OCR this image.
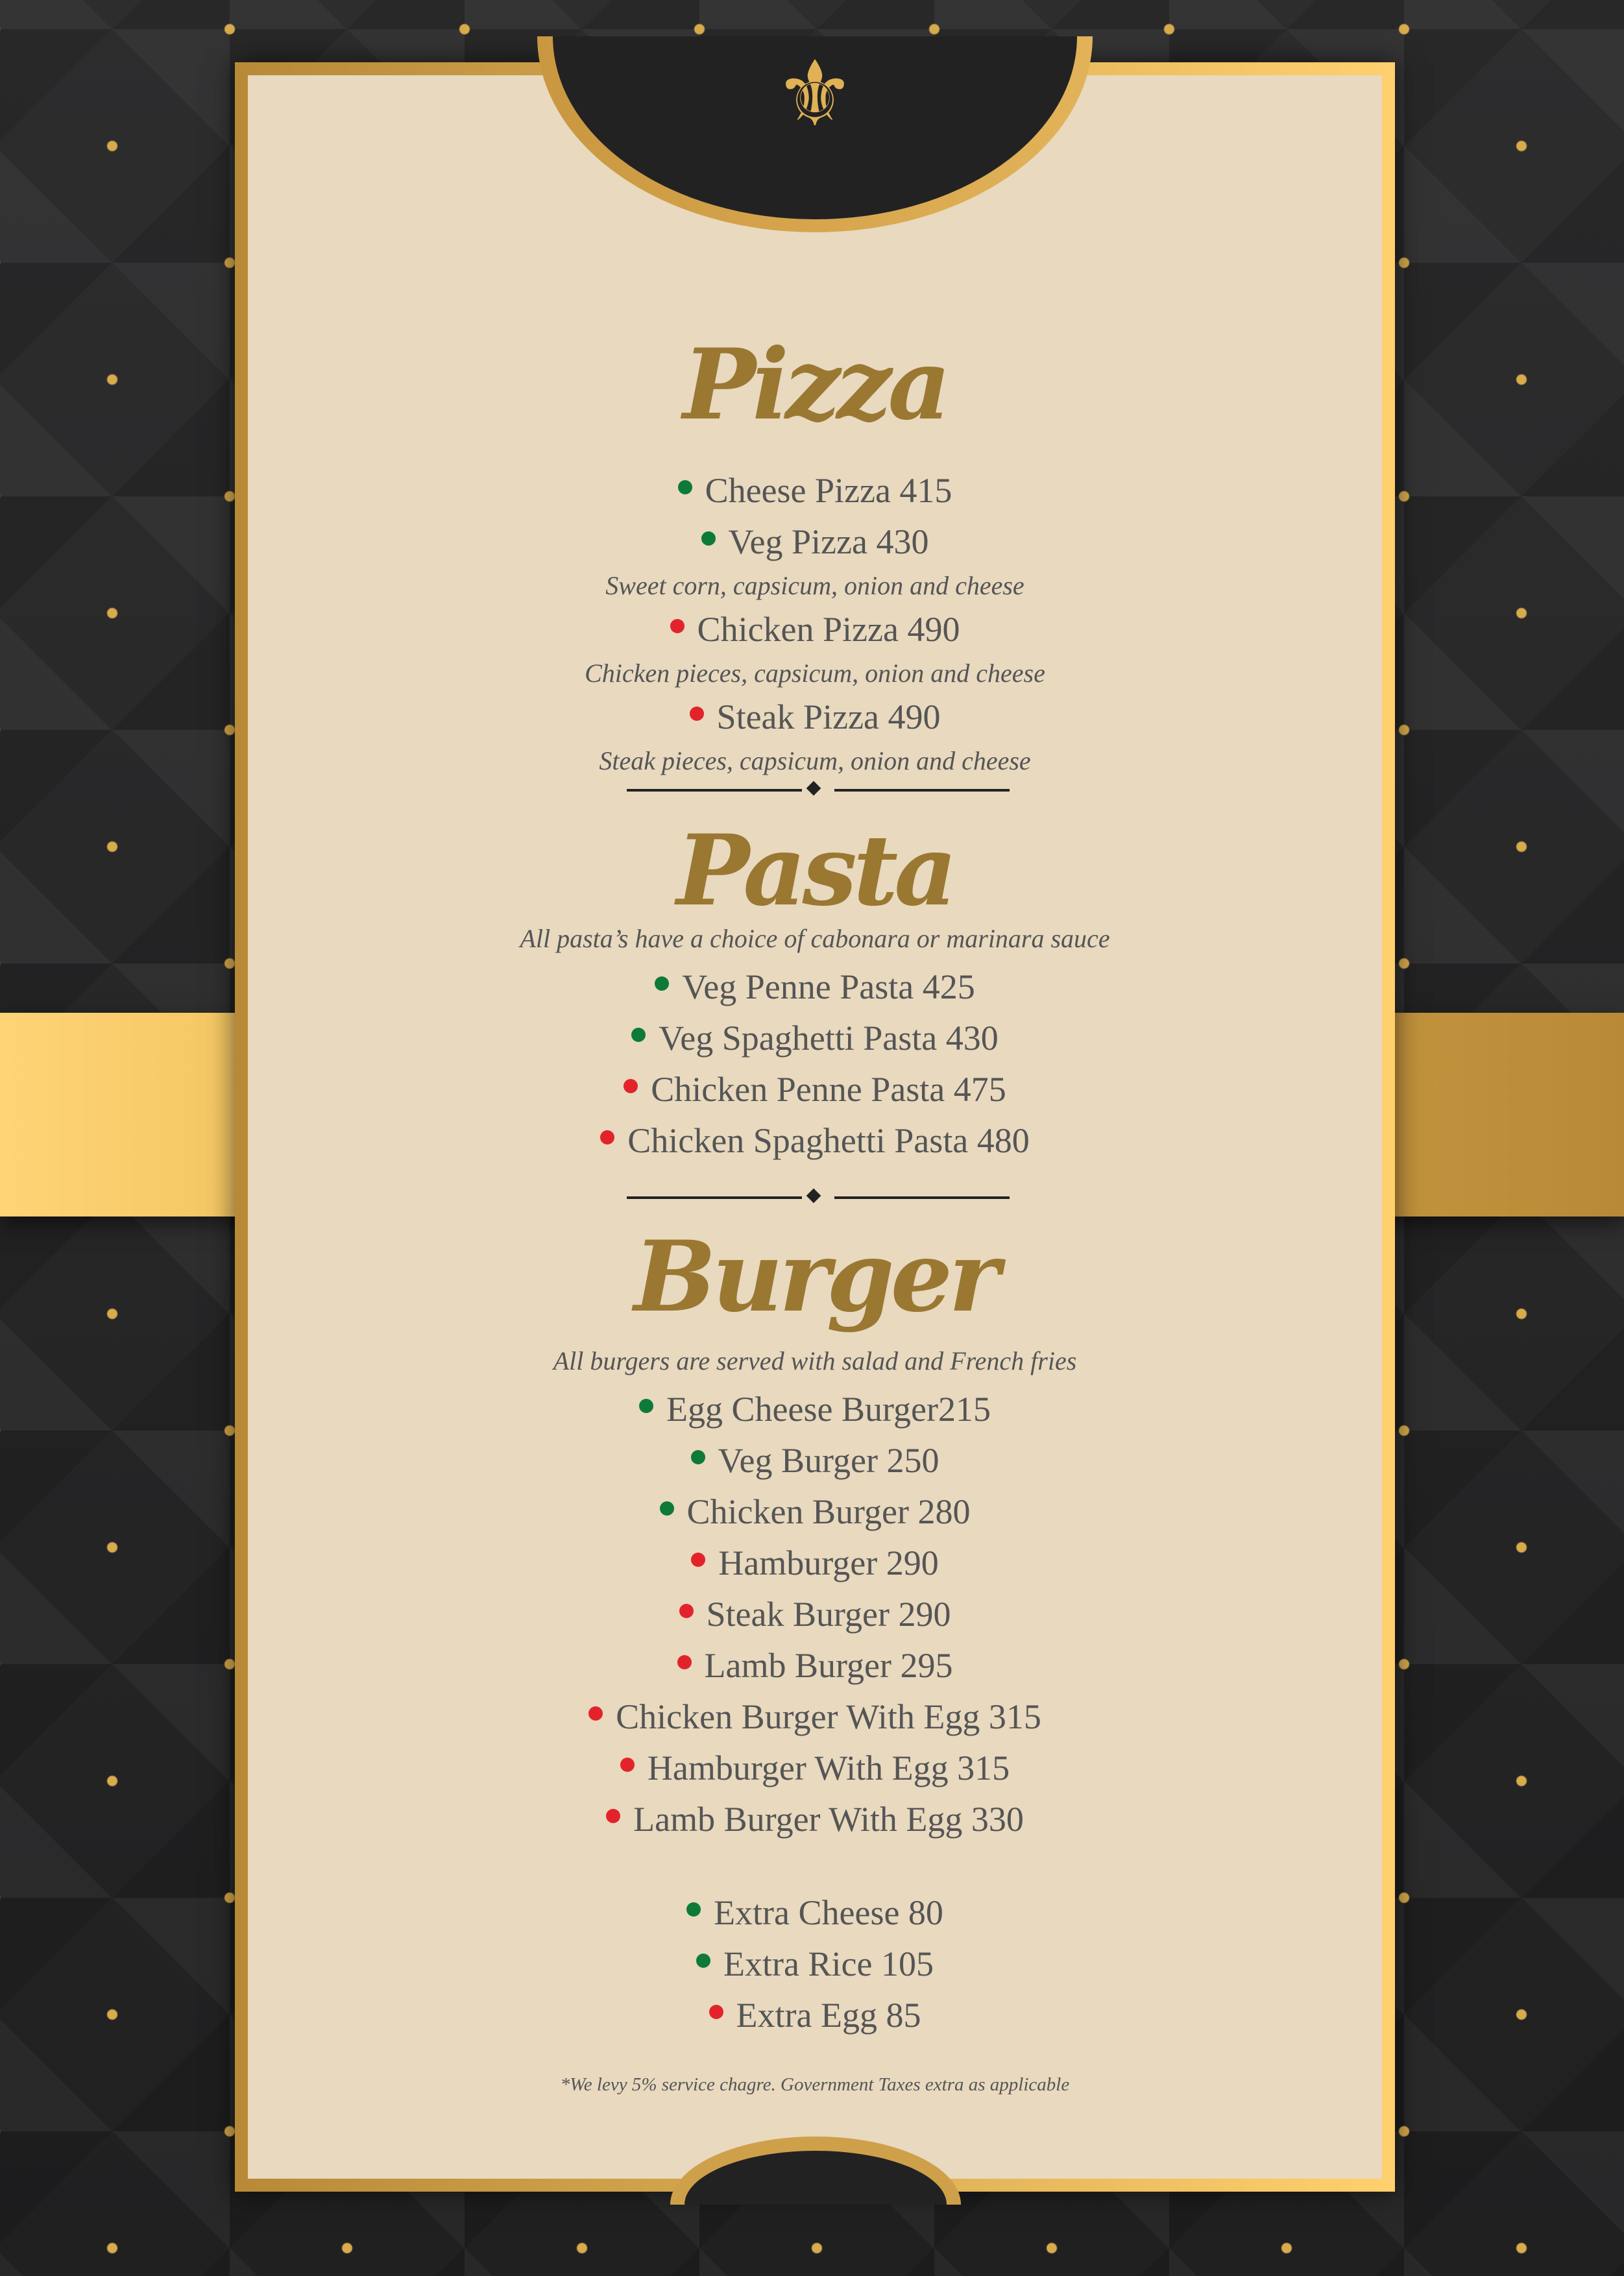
⚜
Pizza
Cheese Pizza 415
Veg Pizza 430
Sweet corn, capsicum, onion and cheese
Chicken Pizza 490
Chicken pieces, capsicum, onion and cheese
Steak Pizza 490
Steak pieces, capsicum, onion and cheese
Pasta
All pasta’s have a choice of cabonara or marinara sauce
Veg Penne Pasta 425
Veg Spaghetti Pasta 430
Chicken Penne Pasta 475
Chicken Spaghetti Pasta 480
Burger
All burgers are served with salad and French fries
Egg Cheese Burger215
Veg Burger 250
Chicken Burger 280
Hamburger 290
Steak Burger 290
Lamb Burger 295
Chicken Burger With Egg 315
Hamburger With Egg 315
Lamb Burger With Egg 330
Extra Cheese 80
Extra Rice 105
Extra Egg 85
*We levy 5% service chagre. Government Taxes extra as applicable
